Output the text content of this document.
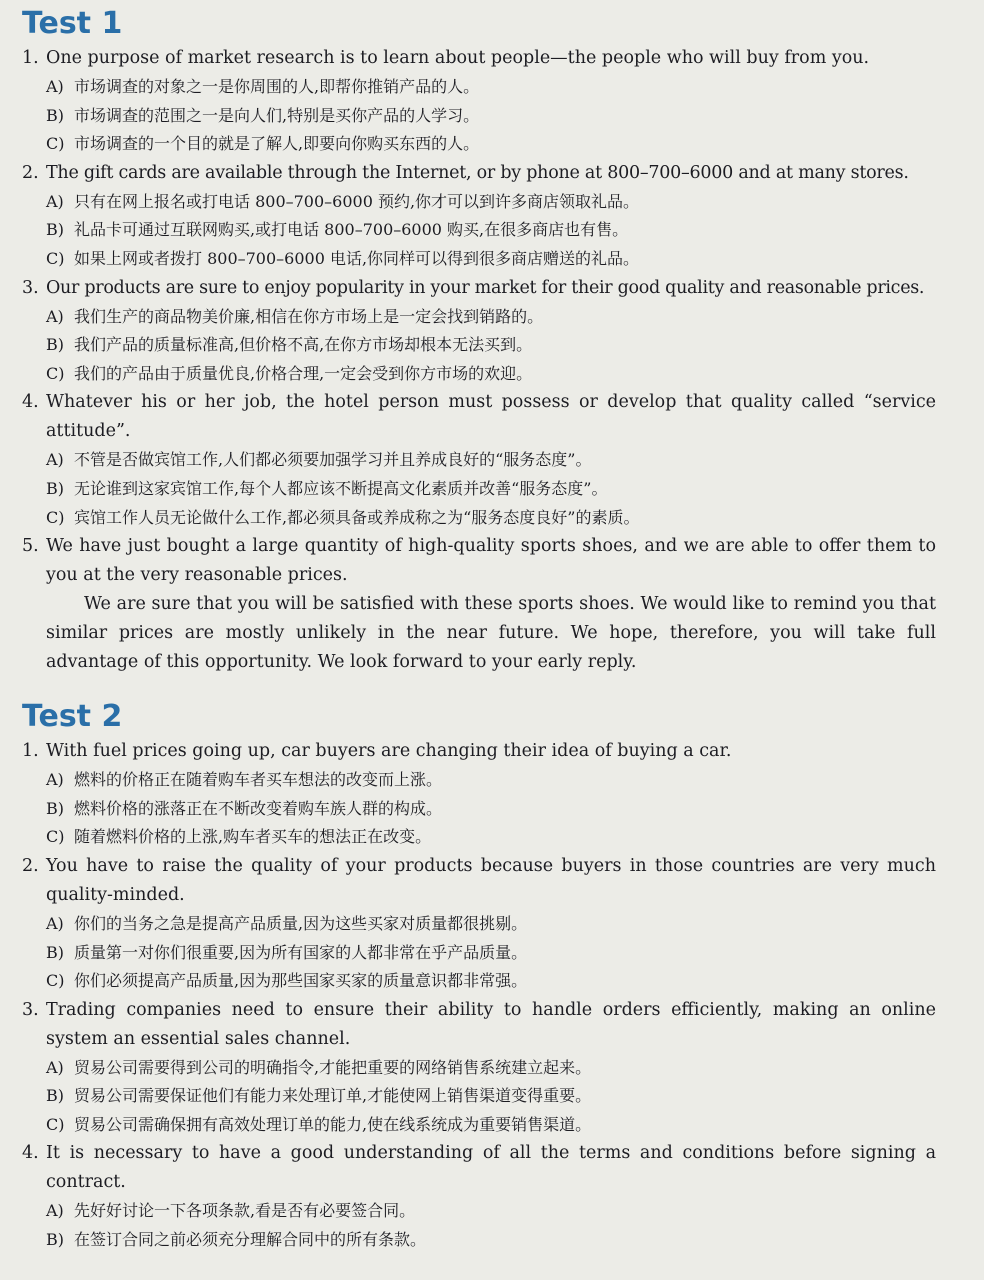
Test 1
1. One purpose of market research is to learn about people—the people who will buy from you.
A) 市场调查的对象之一是你周围的人,即帮你推销产品的人。
B) 市场调查的范围之一是向人们,特别是买你产品的人学习。
C) 市场调查的一个目的就是了解人,即要向你购买东西的人。
2. The gift cards are available through the Internet, or by phone at 800–700–6000 and at many stores.
A) 只有在网上报名或打电话 800–700–6000 预约,你才可以到许多商店领取礼品。
B) 礼品卡可通过互联网购买,或打电话 800–700–6000 购买,在很多商店也有售。
C) 如果上网或者拨打 800–700–6000 电话,你同样可以得到很多商店赠送的礼品。
3. Our products are sure to enjoy popularity in your market for their good quality and reasonable prices.
A) 我们生产的商品物美价廉,相信在你方市场上是一定会找到销路的。
B) 我们产品的质量标准高,但价格不高,在你方市场却根本无法买到。
C) 我们的产品由于质量优良,价格合理,一定会受到你方市场的欢迎。
4. Whatever his or her job, the hotel person must possess or develop that quality called “service attitude”.
A) 不管是否做宾馆工作,人们都必须要加强学习并且养成良好的“服务态度”。
B) 无论谁到这家宾馆工作,每个人都应该不断提高文化素质并改善“服务态度”。
C) 宾馆工作人员无论做什么工作,都必须具备或养成称之为“服务态度良好”的素质。
5. We have just bought a large quantity of high-quality sports shoes, and we are able to offer them to you at the very reasonable prices.
We are sure that you will be satisfied with these sports shoes. We would like to remind you that similar prices are mostly unlikely in the near future. We hope, therefore, you will take full advantage of this opportunity. We look forward to your early reply.
Test 2
1. With fuel prices going up, car buyers are changing their idea of buying a car.
A) 燃料的价格正在随着购车者买车想法的改变而上涨。
B) 燃料价格的涨落正在不断改变着购车族人群的构成。
C) 随着燃料价格的上涨,购车者买车的想法正在改变。
2. You have to raise the quality of your products because buyers in those countries are very much quality-minded.
A) 你们的当务之急是提高产品质量,因为这些买家对质量都很挑剔。
B) 质量第一对你们很重要,因为所有国家的人都非常在乎产品质量。
C) 你们必须提高产品质量,因为那些国家买家的质量意识都非常强。
3. Trading companies need to ensure their ability to handle orders efficiently, making an online system an essential sales channel.
A) 贸易公司需要得到公司的明确指令,才能把重要的网络销售系统建立起来。
B) 贸易公司需要保证他们有能力来处理订单,才能使网上销售渠道变得重要。
C) 贸易公司需确保拥有高效处理订单的能力,使在线系统成为重要销售渠道。
4. It is necessary to have a good understanding of all the terms and conditions before signing a contract.
A) 先好好讨论一下各项条款,看是否有必要签合同。
B) 在签订合同之前必须充分理解合同中的所有条款。
